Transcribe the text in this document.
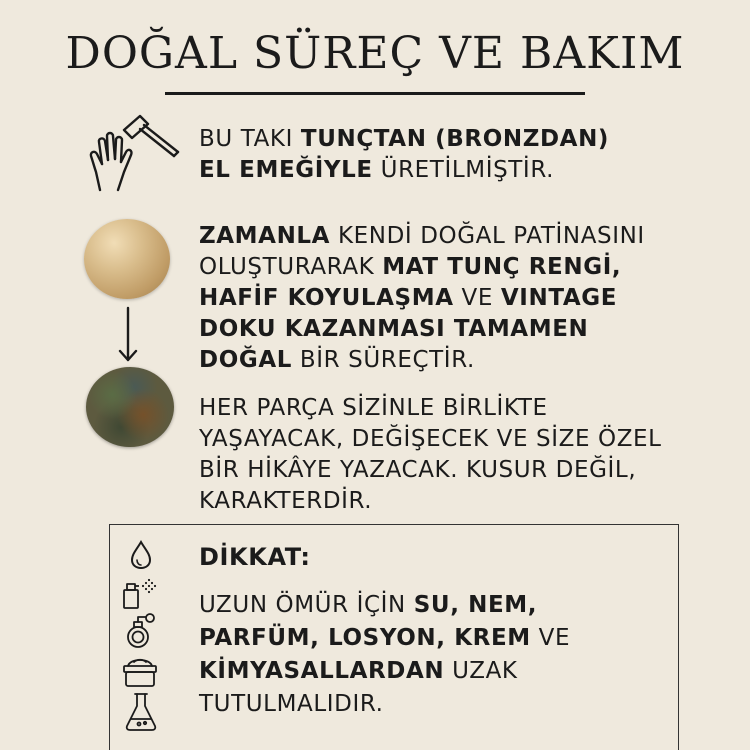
DOĞAL SÜREÇ VE BAKIM
BU TAKI TUNÇTAN (BRONZDAN)
EL EMEĞİYLE ÜRETİLMİŞTİR.
ZAMANLA KENDİ DOĞAL PATİNASINI
OLUŞTURARAK MAT TUNÇ RENGİ,
HAFİF KOYULAŞMA VE VINTAGE
DOKU KAZANMASI TAMAMEN
DOĞAL BİR SÜREÇTİR.
HER PARÇA SİZİNLE BİRLİKTE
YAŞAYACAK, DEĞİŞECEK VE SİZE ÖZEL
BİR HİKÂYE YAZACAK. KUSUR DEĞİL,
KARAKTERDİR.
DİKKAT:
UZUN ÖMÜR İÇİN SU, NEM,
PARFÜM, LOSYON, KREM VE
KİMYASALLARDAN UZAK
TUTULMALIDIR.
